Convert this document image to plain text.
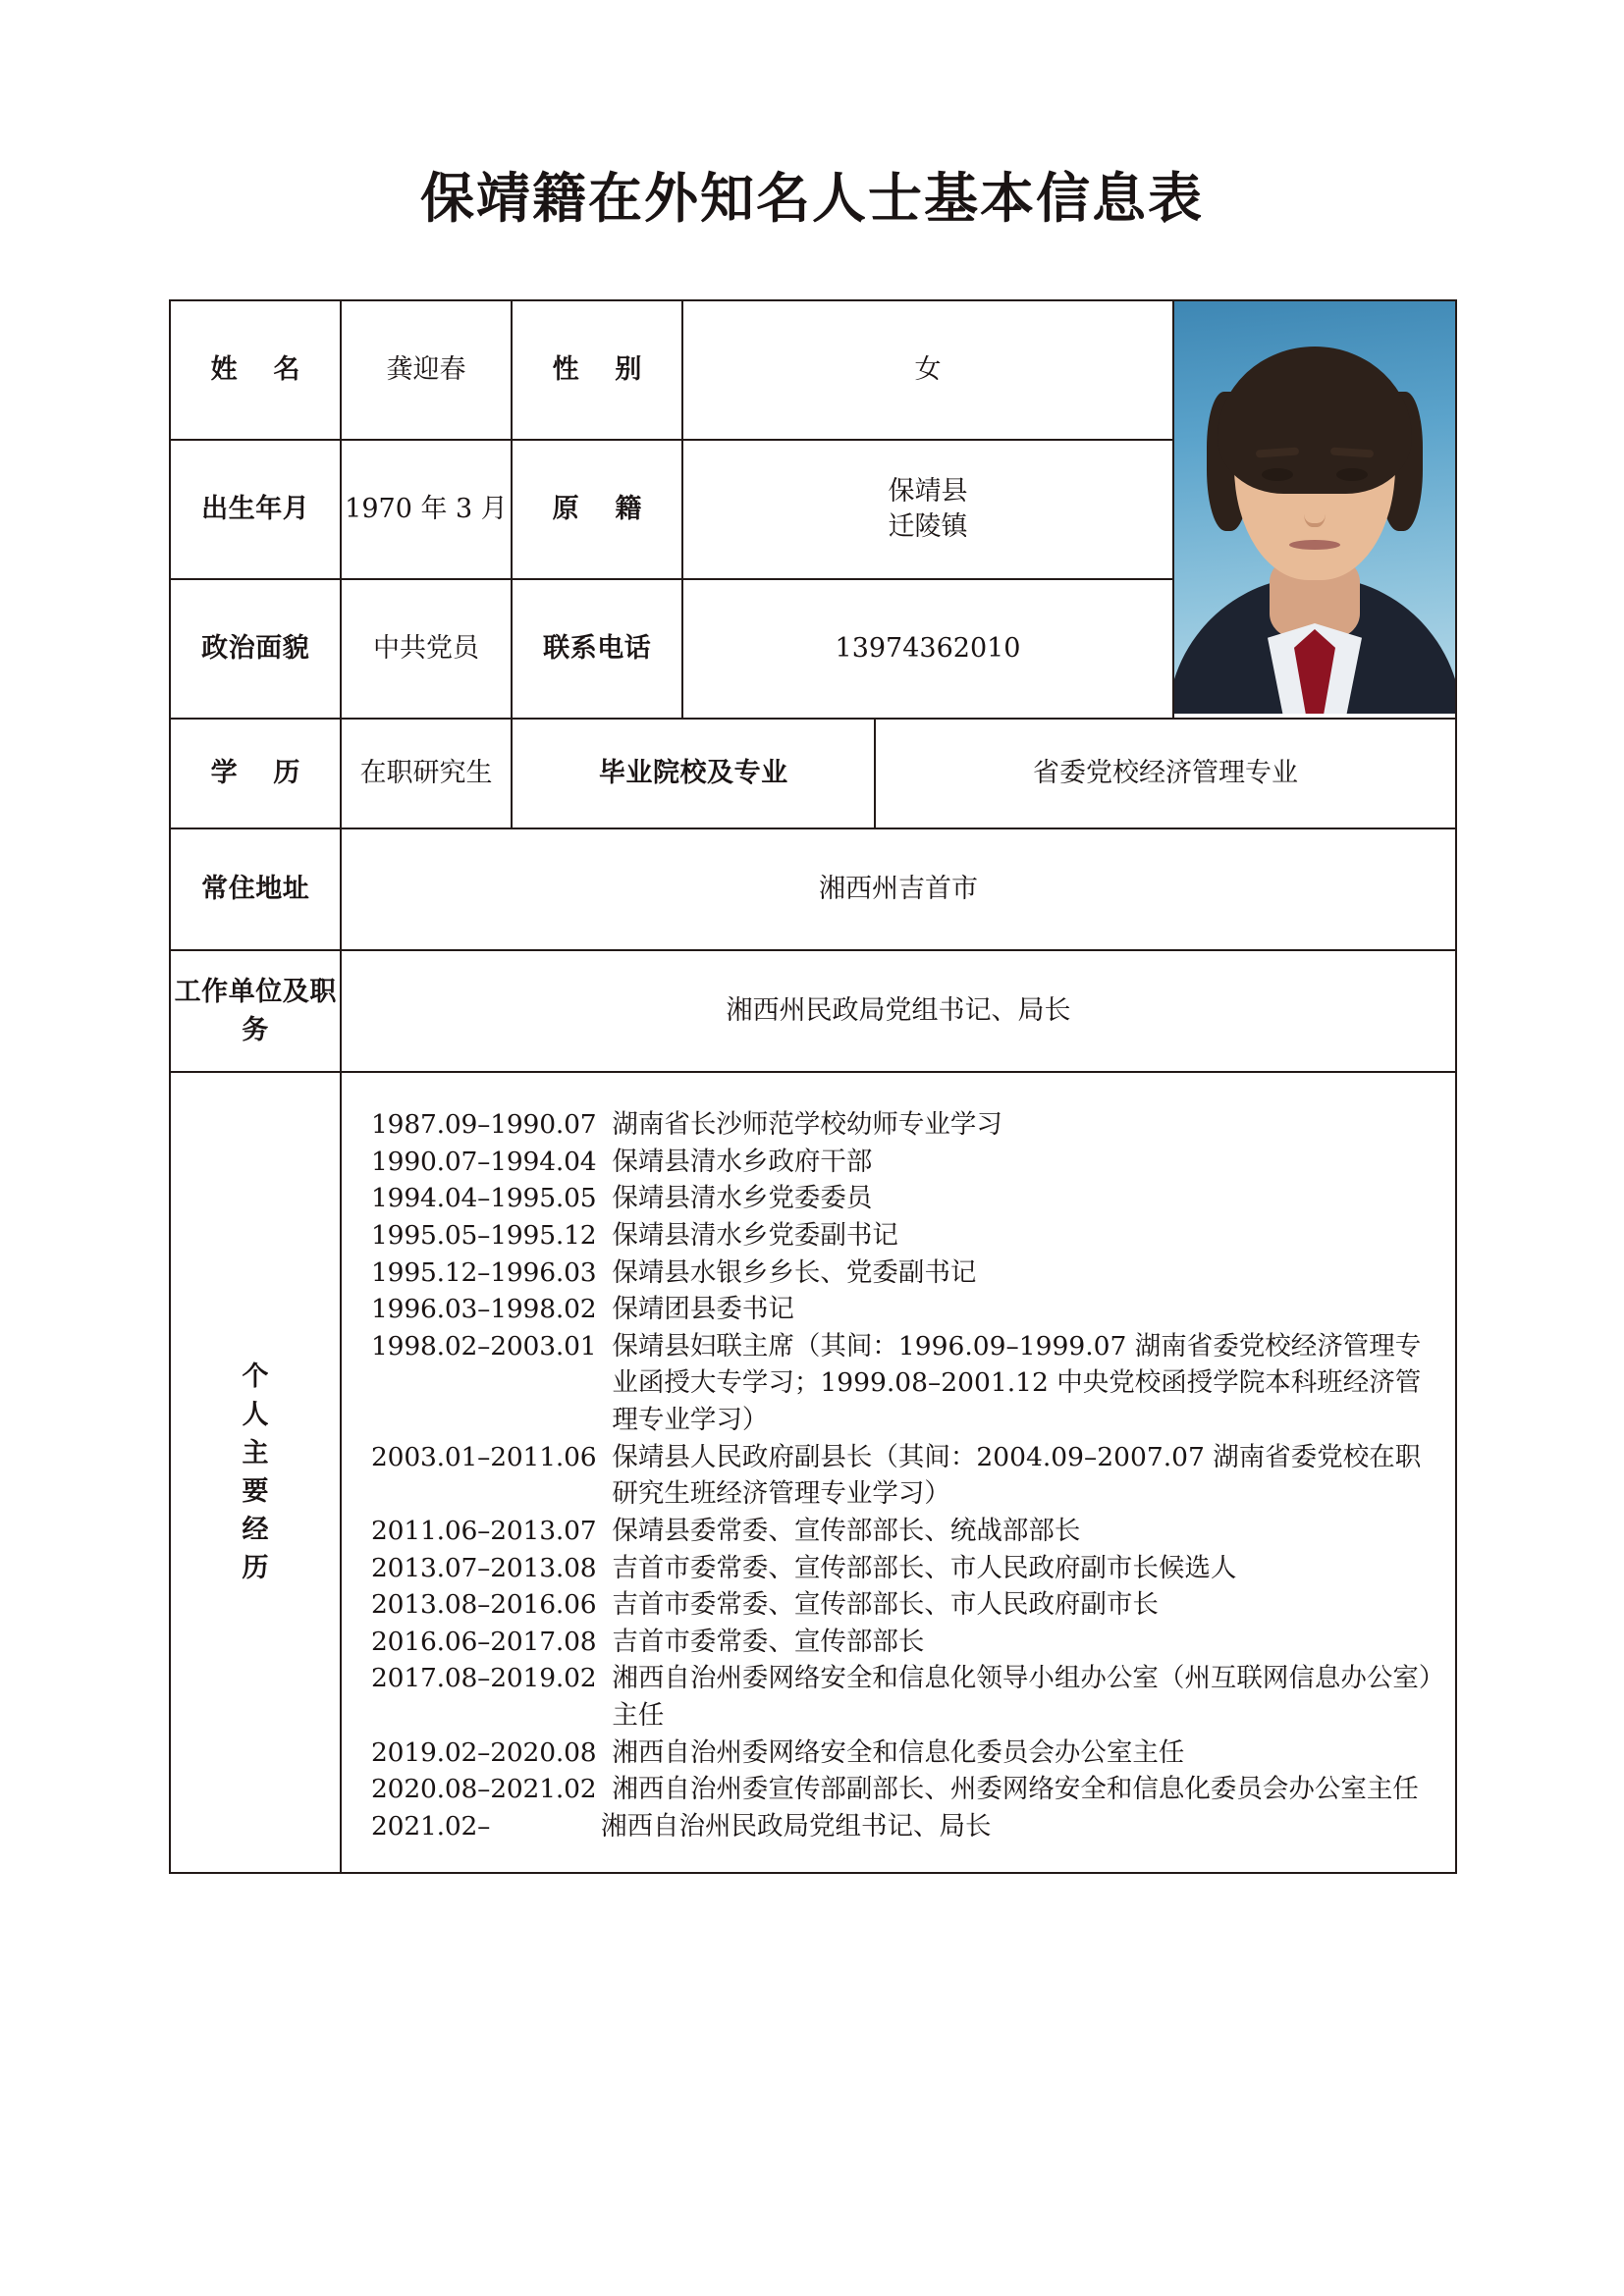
保靖籍在外知名人士基本信息表
姓　名	龚迎春	性　别	女		

出生年月	1970 年 3 月	原　籍	保靖县
迁陵镇		

政治面貌	中共党员	联系电话	13974362010		
学　历	在职研究生	毕业院校及专业		省委党校经济管理专业	
常住地址	湘西州吉首市				
工作单位及职务	湘西州民政局党组书记、局长				

个
人
主
要
经
历

1987.09–1990.07 湖南省长沙师范学校幼师专业学习
1990.07–1994.04 保靖县清水乡政府干部
1994.04–1995.05 保靖县清水乡党委委员
1995.05–1995.12 保靖县清水乡党委副书记
1995.12–1996.03 保靖县水银乡乡长、党委副书记
1996.03–1998.02 保靖团县委书记
1998.02–2003.01 保靖县妇联主席（其间：1996.09–1999.07 湖南省委党校经济管理专业函授大专学习；1999.08–2001.12 中央党校函授学院本科班经济管理专业学习）
2003.01–2011.06 保靖县人民政府副县长（其间：2004.09–2007.07 湖南省委党校在职研究生班经济管理专业学习）
2011.06–2013.07 保靖县委常委、宣传部部长、统战部部长
2013.07–2013.08 吉首市委常委、宣传部部长、市人民政府副市长候选人
2013.08–2016.06 吉首市委常委、宣传部部长、市人民政府副市长
2016.06–2017.08 吉首市委常委、宣传部部长
2017.08–2019.02 湘西自治州委网络安全和信息化领导小组办公室（州互联网信息办公室）主任
2019.02–2020.08 湘西自治州委网络安全和信息化委员会办公室主任
2020.08–2021.02 湘西自治州委宣传部副部长、州委网络安全和信息化委员会办公室主任
2021.02–	湘西自治州民政局党组书记、局长
